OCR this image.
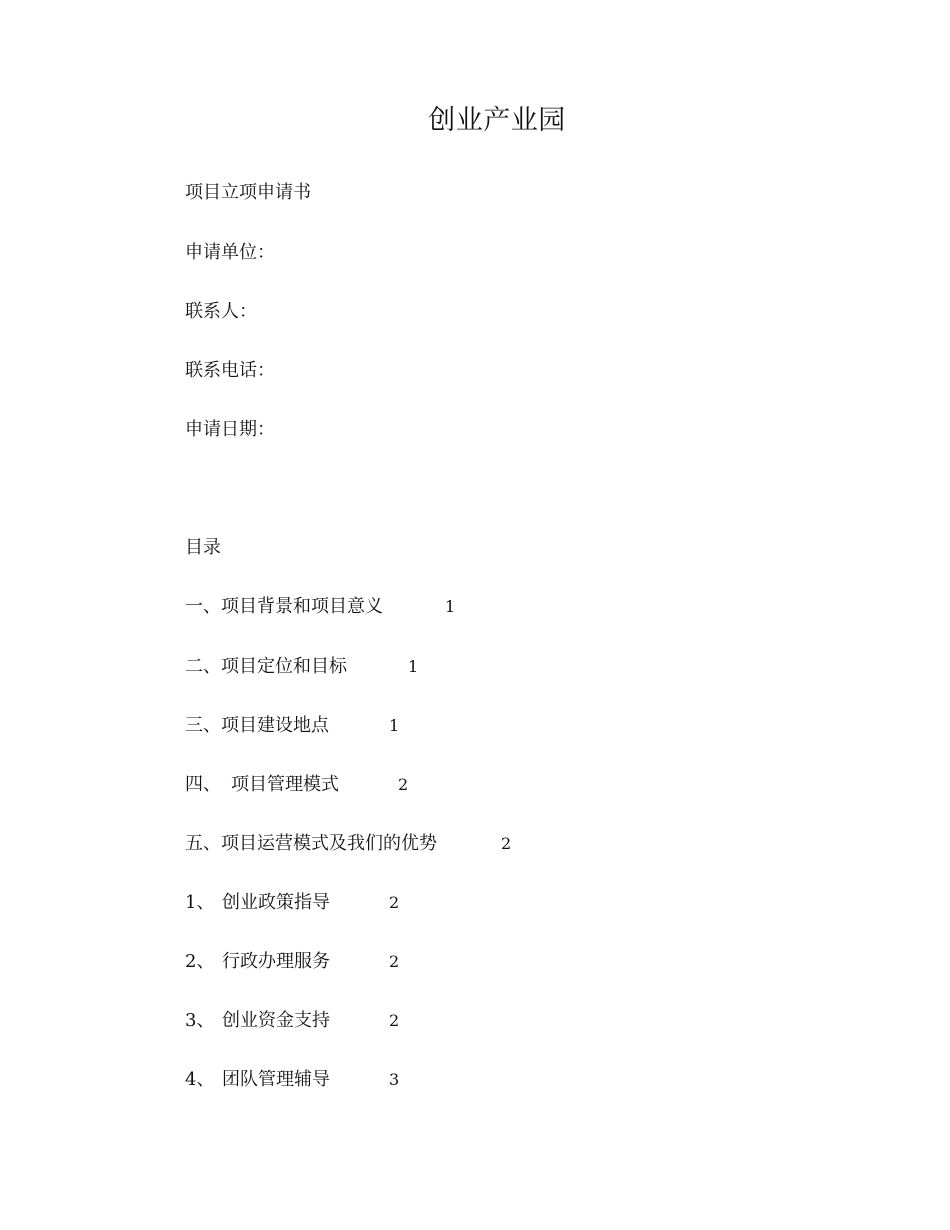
创业产业园
项目立项申请书
申请单位：
联系人：
联系电话：
申请日期：
目录
一、项目背景和项目意义	1
二、项目定位和目标	1
三、项目建设地点	1
四、 项目管理模式	2
五、项目运营模式及我们的优势	2
1、 创业政策指导	2
2、 行政办理服务	2
3、 创业资金支持	2
4、 团队管理辅导	3
